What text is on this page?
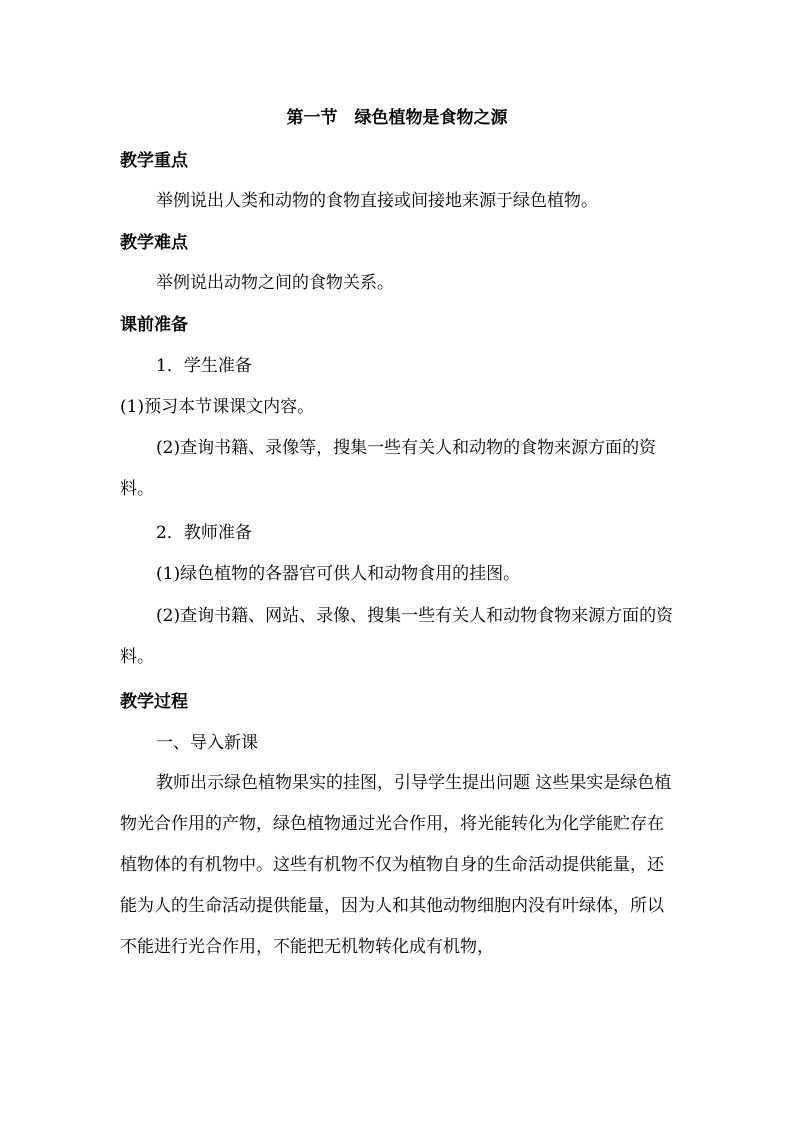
第一节　绿色植物是食物之源
教学重点

举例说出人类和动物的食物直接或间接地来源于绿色植物。

教学难点

举例说出动物之间的食物关系。

课前准备

1．学生准备

(1)预习本节课课文内容。

(2)查询书籍、录像等，搜集一些有关人和动物的食物来源方面的资料。

2．教师准备

(1)绿色植物的各器官可供人和动物食用的挂图。

(2)查询书籍、网站、录像、搜集一些有关人和动物食物来源方面的资料。

教学过程

一、导入新课

教师出示绿色植物果实的挂图，引导学生提出问题 这些果实是绿色植物光合作用的产物，绿色植物通过光合作用，将光能转化为化学能贮存在植物体的有机物中。这些有机物不仅为植物自身的生命活动提供能量，还能为人的生命活动提供能量，因为人和其他动物细胞内没有叶绿体，所以不能进行光合作用，不能把无机物转化成有机物，
